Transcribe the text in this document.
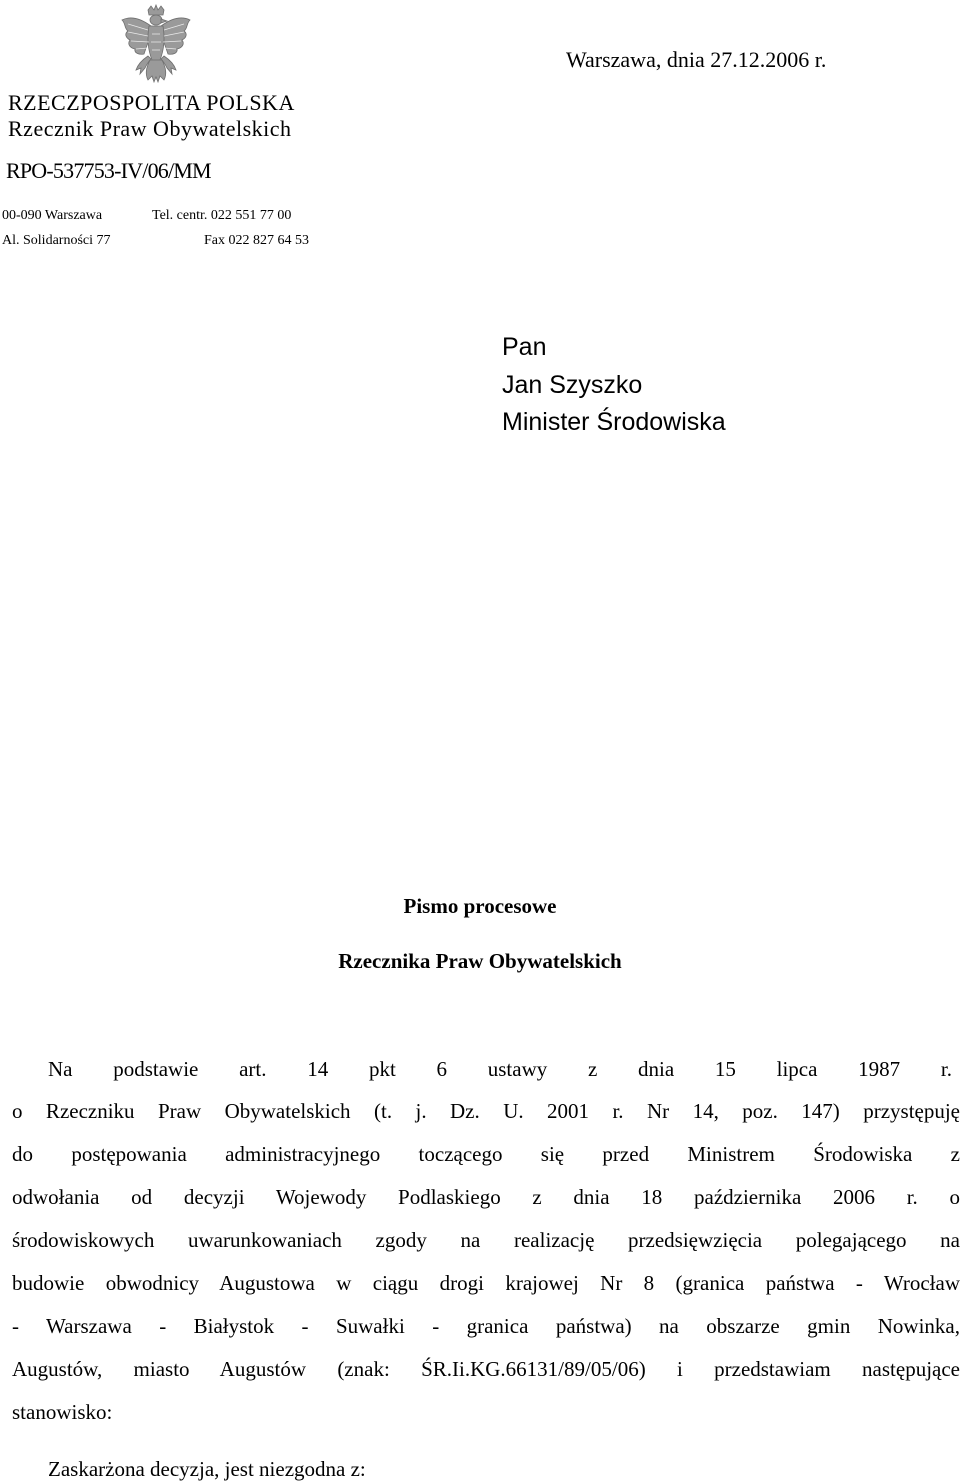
RZECZPOSPOLITA POLSKA
Rzecznik Praw Obywatelskich
RPO-537753-IV/06/MM
00-090 Warszawa
Al. Solidarności 77
Tel. centr. 022 551 77 00
Fax 022 827 64 53
Warszawa, dnia 27.12.2006 r.
Pan
Jan Szyszko
Minister Środowiska
Pismo procesowe
Rzecznika Praw Obywatelskich
Na podstawie art. 14 pkt 6 ustawy z dnia 15 lipca 1987 r.
o Rzeczniku Praw Obywatelskich (t. j. Dz. U. 2001 r. Nr 14, poz. 147) przystępuję
do postępowania administracyjnego toczącego się przed Ministrem Środowiska z
odwołania od decyzji Wojewody Podlaskiego z dnia 18 października 2006 r. o
środowiskowych uwarunkowaniach zgody na realizację przedsięwzięcia polegającego na
budowie obwodnicy Augustowa w ciągu drogi krajowej Nr 8 (granica państwa - Wrocław
- Warszawa - Białystok - Suwałki - granica państwa) na obszarze gmin Nowinka,
Augustów, miasto Augustów (znak: ŚR.Ii.KG.66131/89/05/06) i przedstawiam następujące
stanowisko:
Zaskarżona decyzja, jest niezgodna z:
